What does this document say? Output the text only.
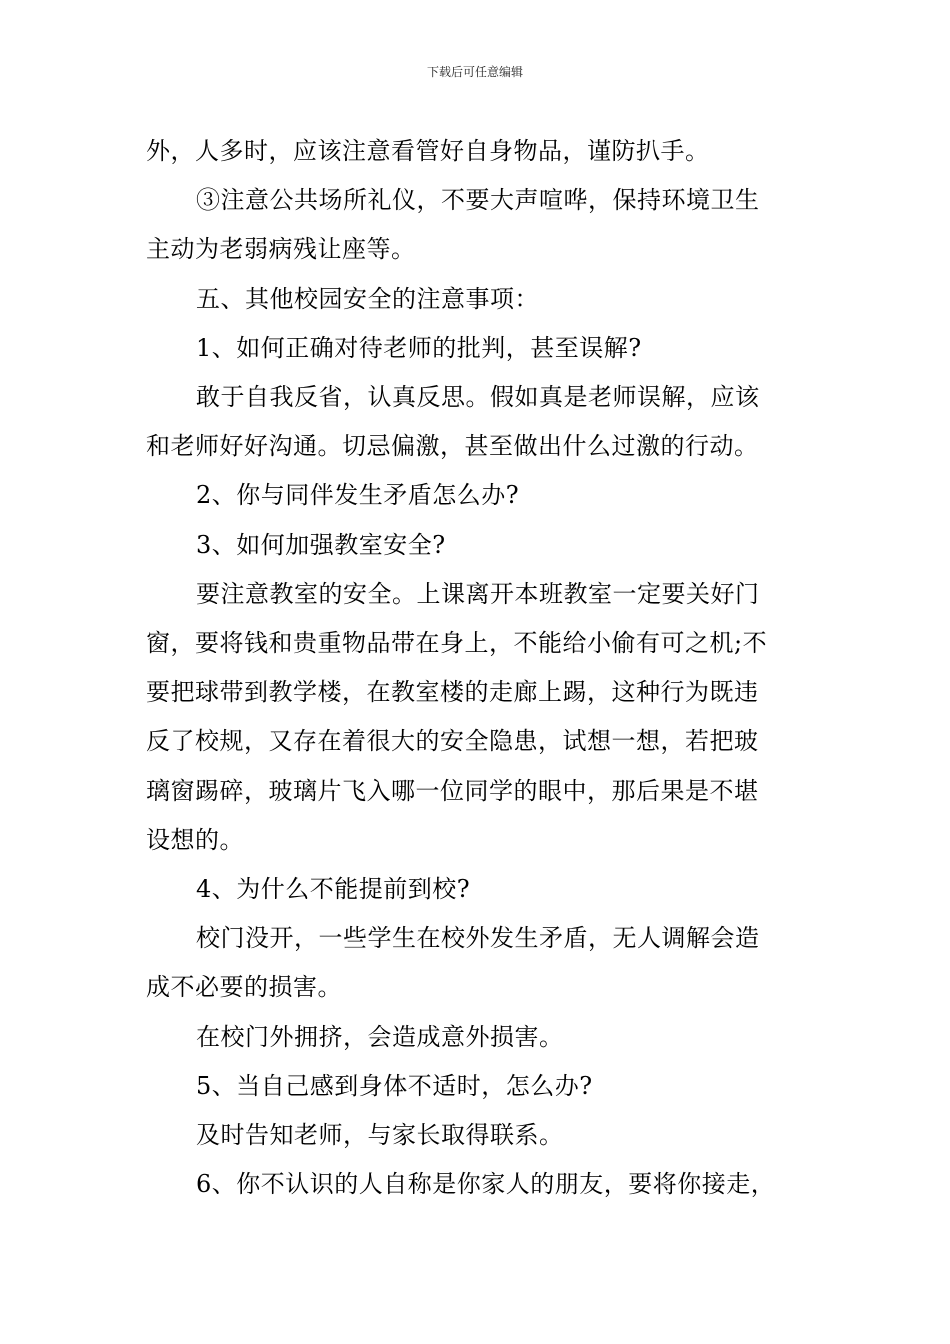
下载后可任意编辑
外，人多时，应该注意看管好自身物品，谨防扒手。
③注意公共场所礼仪，不要大声喧哗，保持环境卫生
主动为老弱病残让座等。
五、其他校园安全的注意事项：
1、如何正确对待老师的批判，甚至误解?
敢于自我反省，认真反思。假如真是老师误解，应该
和老师好好沟通。切忌偏激，甚至做出什么过激的行动。
2、你与同伴发生矛盾怎么办?
3、如何加强教室安全?
要注意教室的安全。上课离开本班教室一定要关好门
窗，要将钱和贵重物品带在身上，不能给小偷有可之机;不
要把球带到教学楼，在教室楼的走廊上踢，这种行为既违
反了校规，又存在着很大的安全隐患，试想一想，若把玻
璃窗踢碎，玻璃片飞入哪一位同学的眼中，那后果是不堪
设想的。
4、为什么不能提前到校?
校门没开，一些学生在校外发生矛盾，无人调解会造
成不必要的损害。
在校门外拥挤，会造成意外损害。
5、当自己感到身体不适时，怎么办?
及时告知老师，与家长取得联系。
6、你不认识的人自称是你家人的朋友，要将你接走，
